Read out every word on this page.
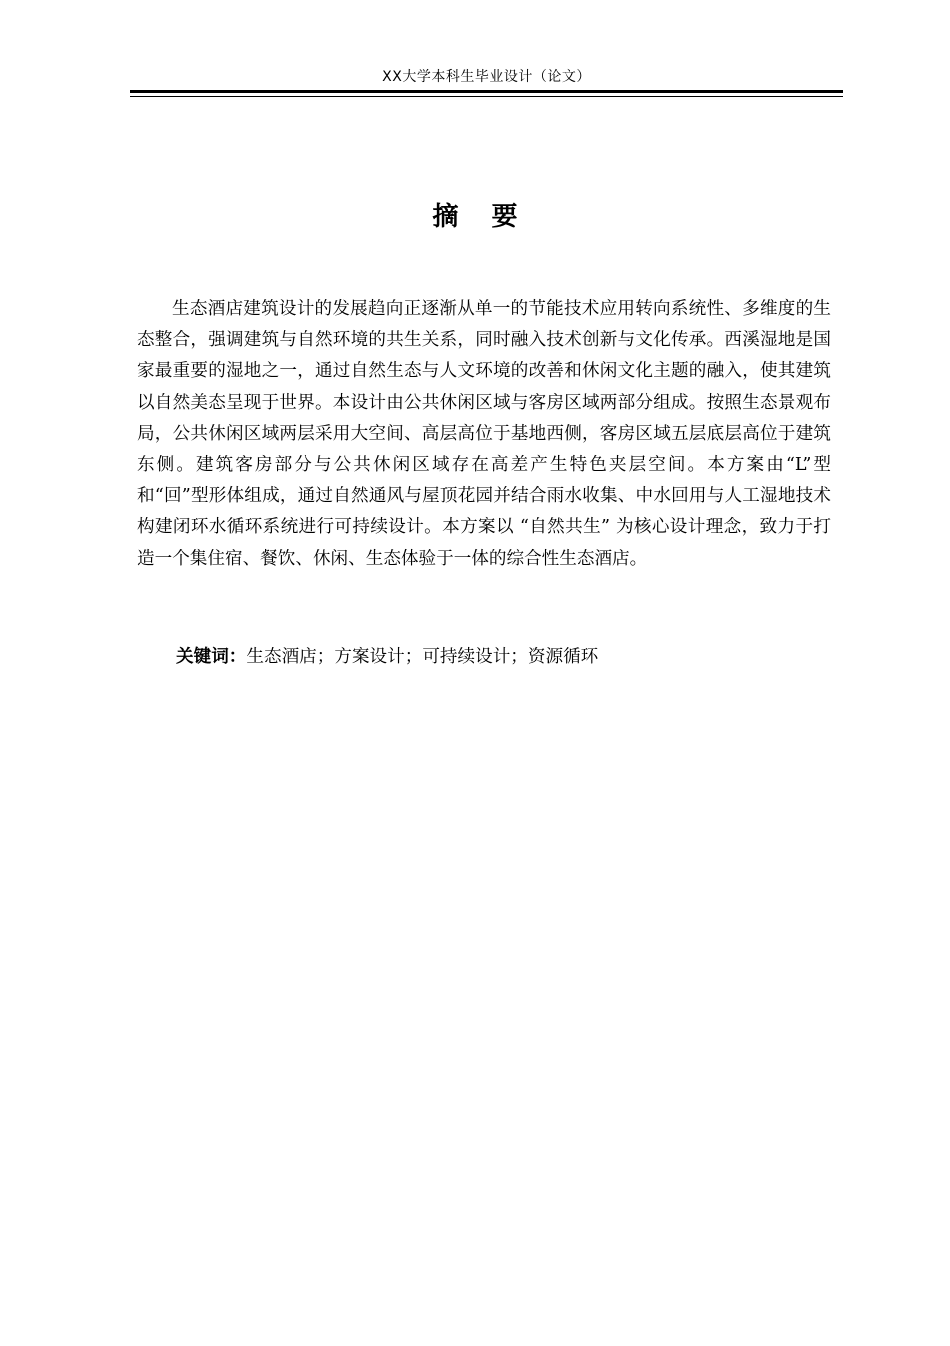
XX大学本科生毕业设计（论文）
摘 要

生态酒店建筑设计的发展趋向正逐渐从单一的节能技术应用转向系统性、多维度的生态整合，强调建筑与自然环境的共生关系，同时融入技术创新与文化传承。西溪湿地是国家最重要的湿地之一，通过自然生态与人文环境的改善和休闲文化主题的融入，使其建筑以自然美态呈现于世界。本设计由公共休闲区域与客房区域两部分组成。按照生态景观布局，公共休闲区域两层采用大空间、高层高位于基地西侧，客房区域五层底层高位于建筑东侧。建筑客房部分与公共休闲区域存在高差产生特色夹层空间。本方案由“L”型和“回”型形体组成，通过自然通风与屋顶花园并结合雨水收集、中水回用与人工湿地技术构建闭环水循环系统进行可持续设计。本方案以 “自然共生” 为核心设计理念，致力于打造一个集住宿、餐饮、休闲、生态体验于一体的综合性生态酒店。

关键词：生态酒店；方案设计；可持续设计；资源循环
